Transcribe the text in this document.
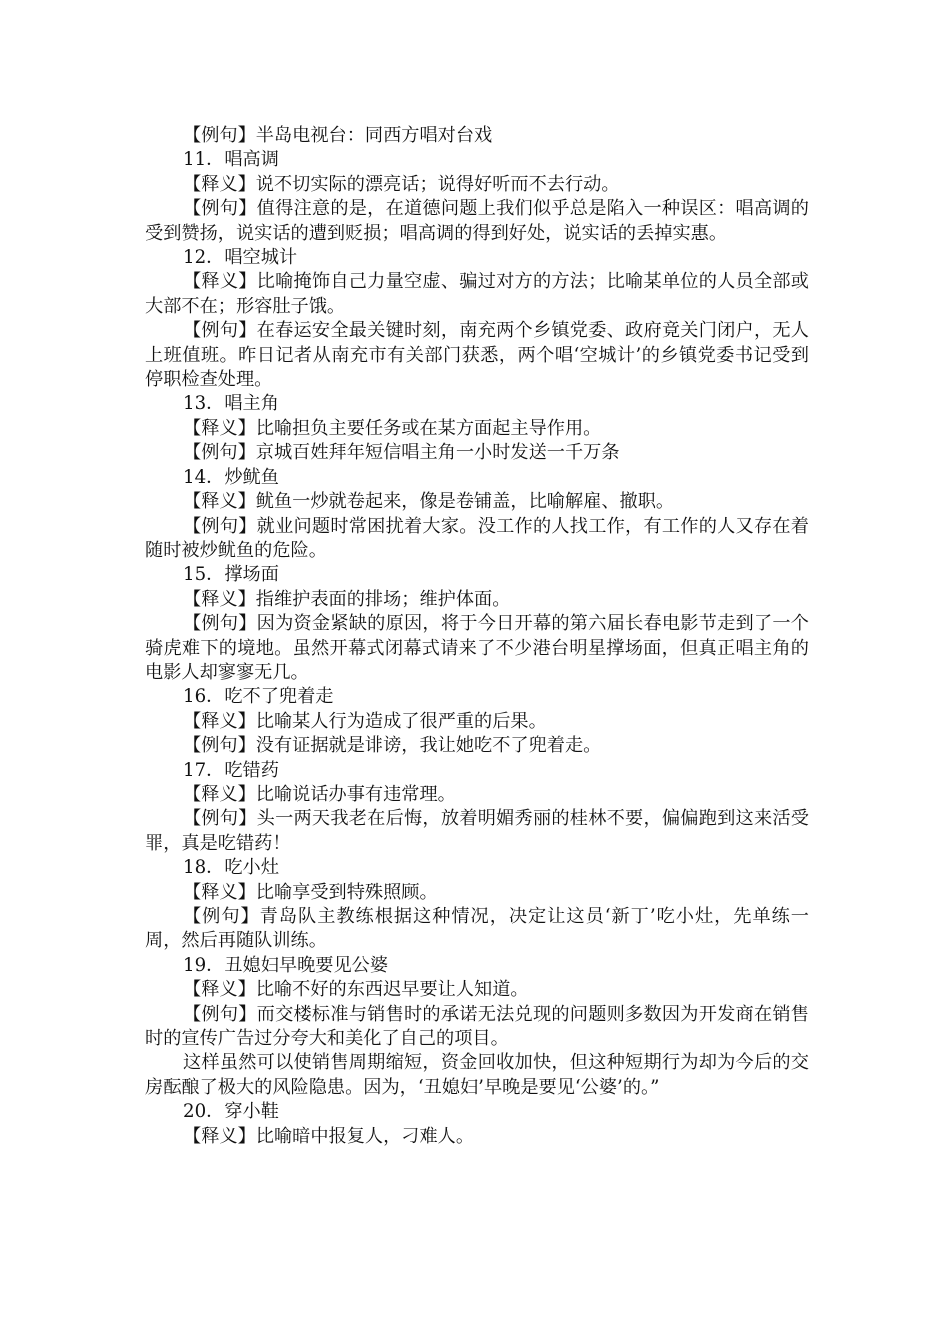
【例句】半岛电视台：同西方唱对台戏

11．唱高调

【释义】说不切实际的漂亮话；说得好听而不去行动。

【例句】值得注意的是，在道德问题上我们似乎总是陷入一种误区：唱高调的受到赞扬，说实话的遭到贬损；唱高调的得到好处，说实话的丢掉实惠。

12．唱空城计

【释义】比喻掩饰自己力量空虚、骗过对方的方法；比喻某单位的人员全部或大部不在；形容肚子饿。

【例句】在春运安全最关键时刻，南充两个乡镇党委、政府竟关门闭户，无人上班值班。昨日记者从南充市有关部门获悉，两个唱‘空城计’的乡镇党委书记受到停职检查处理。

13．唱主角

【释义】比喻担负主要任务或在某方面起主导作用。

【例句】京城百姓拜年短信唱主角一小时发送一千万条

14．炒鱿鱼

【释义】鱿鱼一炒就卷起来，像是卷铺盖，比喻解雇、撤职。

【例句】就业问题时常困扰着大家。没工作的人找工作，有工作的人又存在着随时被炒鱿鱼的危险。

15．撑场面

【释义】指维护表面的排场；维护体面。

【例句】因为资金紧缺的原因，将于今日开幕的第六届长春电影节走到了一个骑虎难下的境地。虽然开幕式闭幕式请来了不少港台明星撑场面，但真正唱主角的电影人却寥寥无几。

16．吃不了兜着走

【释义】比喻某人行为造成了很严重的后果。

【例句】没有证据就是诽谤，我让她吃不了兜着走。

17．吃错药

【释义】比喻说话办事有违常理。

【例句】头一两天我老在后悔，放着明媚秀丽的桂林不要，偏偏跑到这来活受罪，真是吃错药！

18．吃小灶

【释义】比喻享受到特殊照顾。

【例句】青岛队主教练根据这种情况，决定让这员‘新丁’吃小灶，先单练一周，然后再随队训练。

19．丑媳妇早晚要见公婆

【释义】比喻不好的东西迟早要让人知道。

【例句】而交楼标准与销售时的承诺无法兑现的问题则多数因为开发商在销售时的宣传广告过分夸大和美化了自己的项目。

这样虽然可以使销售周期缩短，资金回收加快，但这种短期行为却为今后的交房酝酿了极大的风险隐患。因为，‘丑媳妇’早晚是要见‘公婆’的。”

20．穿小鞋

【释义】比喻暗中报复人，刁难人。
